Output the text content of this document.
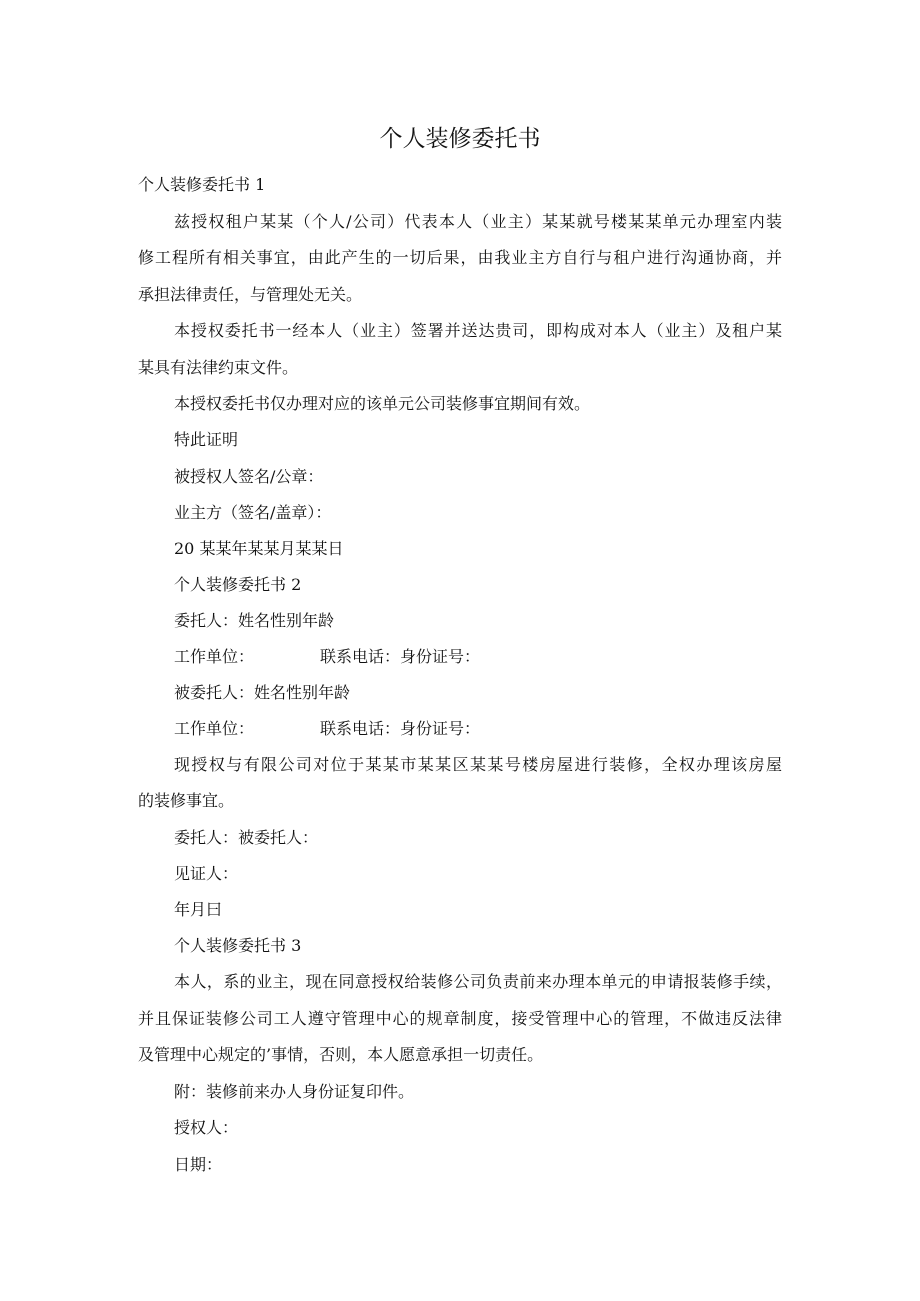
个人装修委托书
个人装修委托书 1
兹授权租户某某（个人/公司）代表本人（业主）某某就号楼某某单元办理室内装
修工程所有相关事宜，由此产生的一切后果，由我业主方自行与租户进行沟通协商，并
承担法律责任，与管理处无关。
本授权委托书一经本人（业主）签署并送达贵司，即构成对本人（业主）及租户某
某具有法律约束文件。
本授权委托书仅办理对应的该单元公司装修事宜期间有效。
特此证明
被授权人签名/公章：
业主方（签名/盖章）：
20 某某年某某月某某日
个人装修委托书 2
委托人：姓名性别年龄
工作单位：	联系电话：身份证号：
被委托人：姓名性别年龄
工作单位：	联系电话：身份证号：
现授权与有限公司对位于某某市某某区某某号楼房屋进行装修，全权办理该房屋
的装修事宜。
委托人：被委托人：
见证人：
年月曰
个人装修委托书 3
本人，系的业主，现在同意授权给装修公司负责前来办理本单元的申请报装修手续，
并且保证装修公司工人遵守管理中心的规章制度，接受管理中心的管理，不做违反法律
及管理中心规定的’事情，否则，本人愿意承担一切责任。
附：装修前来办人身份证复印件。
授权人：
日期：
